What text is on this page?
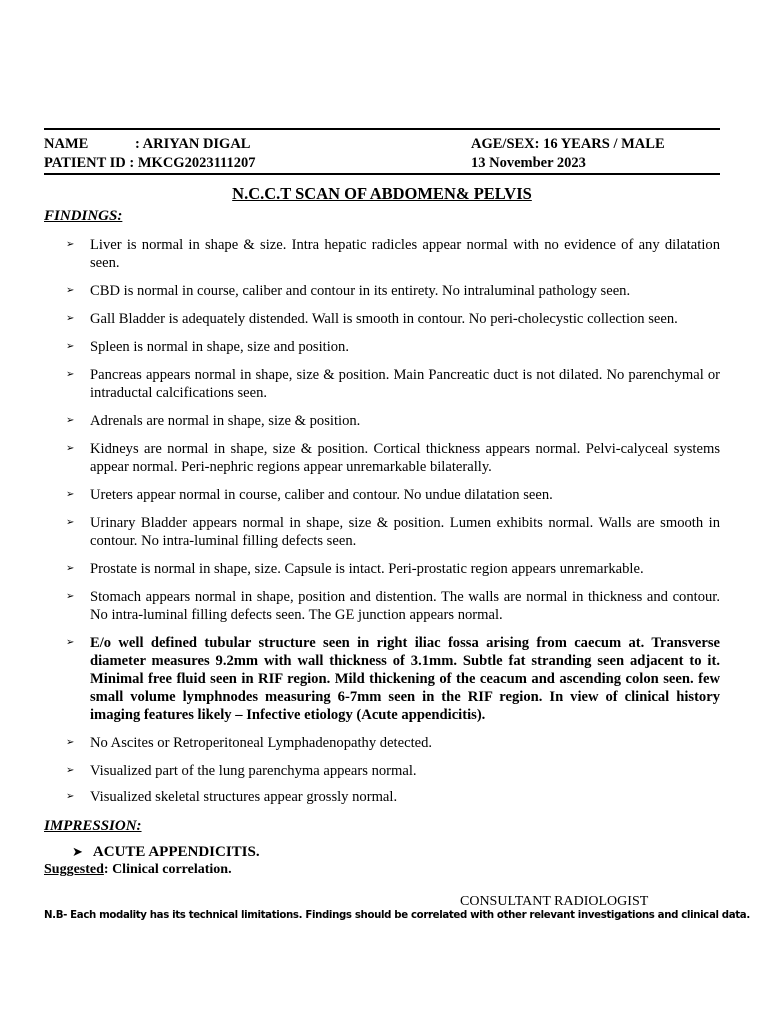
NAME	: ARIYAN DIGAL	AGE/SEX: 16 YEARS / MALE
PATIENT ID : MKCG2023111207	13 November 2023
N.C.C.T SCAN OF ABDOMEN& PELVIS
FINDINGS:
➢ Liver is normal in shape & size. Intra hepatic radicles appear normal with no evidence of any dilatation seen.
➢ CBD is normal in course, caliber and contour in its entirety. No intraluminal pathology seen.
➢ Gall Bladder is adequately distended. Wall is smooth in contour. No peri-cholecystic collection seen.
➢ Spleen is normal in shape, size and position.
➢ Pancreas appears normal in shape, size & position. Main Pancreatic duct is not dilated. No parenchymal or intraductal calcifications seen.
➢ Adrenals are normal in shape, size & position.
➢ Kidneys are normal in shape, size & position. Cortical thickness appears normal. Pelvi-calyceal systems appear normal. Peri-nephric regions appear unremarkable bilaterally.
➢ Ureters appear normal in course, caliber and contour. No undue dilatation seen.
➢ Urinary Bladder appears normal in shape, size & position. Lumen exhibits normal. Walls are smooth in contour. No intra-luminal filling defects seen.
➢ Prostate is normal in shape, size. Capsule is intact. Peri-prostatic region appears unremarkable.
➢ Stomach appears normal in shape, position and distention. The walls are normal in thickness and contour. No intra-luminal filling defects seen. The GE junction appears normal.
➢ E/o well defined tubular structure seen in right iliac fossa arising from caecum at. Transverse diameter measures 9.2mm with wall thickness of 3.1mm. Subtle fat stranding seen adjacent to it. Minimal free fluid seen in RIF region. Mild thickening of the ceacum and ascending colon seen. few small volume lymphnodes measuring 6-7mm seen in the RIF region. In view of clinical history imaging features likely – Infective etiology (Acute appendicitis).
➢ No Ascites or Retroperitoneal Lymphadenopathy detected.
➢ Visualized part of the lung parenchyma appears normal.
➢ Visualized skeletal structures appear grossly normal.
IMPRESSION:
➤ ACUTE APPENDICITIS.
Suggested: Clinical correlation.
CONSULTANT RADIOLOGIST
N.B- Each modality has its technical limitations. Findings should be correlated with other relevant investigations and clinical data.
